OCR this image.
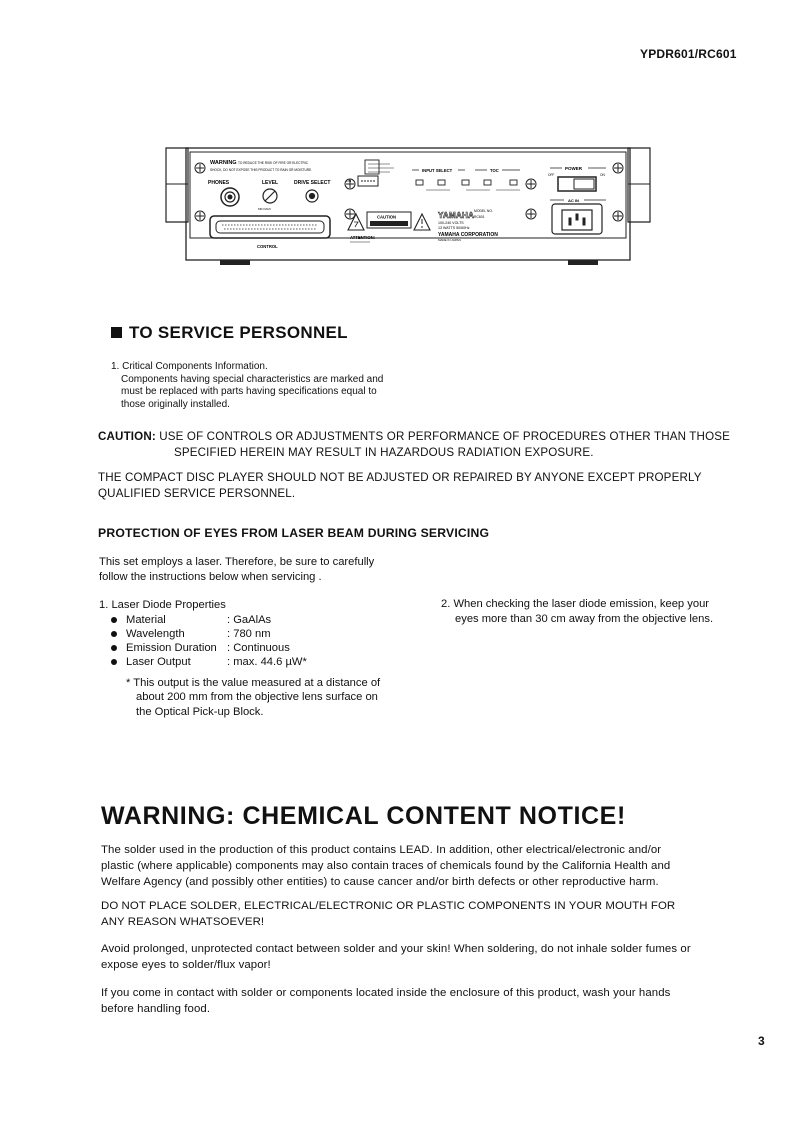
YPDR601/RC601
WARNING TO REDUCE THE RISK OF FIRE OR ELECTRIC
SHOCK, DO NOT EXPOSE THIS PRODUCT TO RAIN OR MOISTURE.
PHONES	LEVEL	DRIVE SELECT
MIN MAX
ON
INPUT SELECT	TOC	POWER
OFF	ON
AC IN
CONTROL
CAUTION
ATTENTION:
YAMAHA MODEL NO.
RC601
100-240 VOLTS
13 WATTS 50/60Hz
YAMAHA CORPORATION
MADE IN JAPAN
TO SERVICE PERSONNEL
1. Critical Components Information.
Components having special characteristics are marked and
must be replaced with parts having specifications equal to
those originally installed.
CAUTION: USE OF CONTROLS OR ADJUSTMENTS OR PERFORMANCE OF PROCEDURES OTHER THAN THOSE
SPECIFIED HEREIN MAY RESULT IN HAZARDOUS RADIATION EXPOSURE.
THE COMPACT DISC PLAYER SHOULD NOT BE ADJUSTED OR REPAIRED BY ANYONE EXCEPT PROPERLY
QUALIFIED SERVICE PERSONNEL.
PROTECTION OF EYES FROM LASER BEAM DURING SERVICING
This set employs a laser. Therefore, be sure to carefully
follow the instructions below when servicing .
1. Laser Diode Properties
Material	: GaAlAs
Wavelength	: 780 nm
Emission Duration : Continuous
Laser Output	: max. 44.6 µW*
* This output is the value measured at a distance of
about 200 mm from the objective lens surface on
the Optical Pick-up Block.
2. When checking the laser diode emission, keep your
eyes more than 30 cm away from the objective lens.
WARNING: CHEMICAL CONTENT NOTICE!
The solder used in the production of this product contains LEAD. In addition, other electrical/electronic and/or
plastic (where applicable) components may also contain traces of chemicals found by the California Health and
Welfare Agency (and possibly other entities) to cause cancer and/or birth defects or other reproductive harm.
DO NOT PLACE SOLDER, ELECTRICAL/ELECTRONIC OR PLASTIC COMPONENTS IN YOUR MOUTH FOR
ANY REASON WHATSOEVER!
Avoid prolonged, unprotected contact between solder and your skin! When soldering, do not inhale solder fumes or
expose eyes to solder/flux vapor!
If you come in contact with solder or components located inside the enclosure of this product, wash your hands
before handling food.
3
